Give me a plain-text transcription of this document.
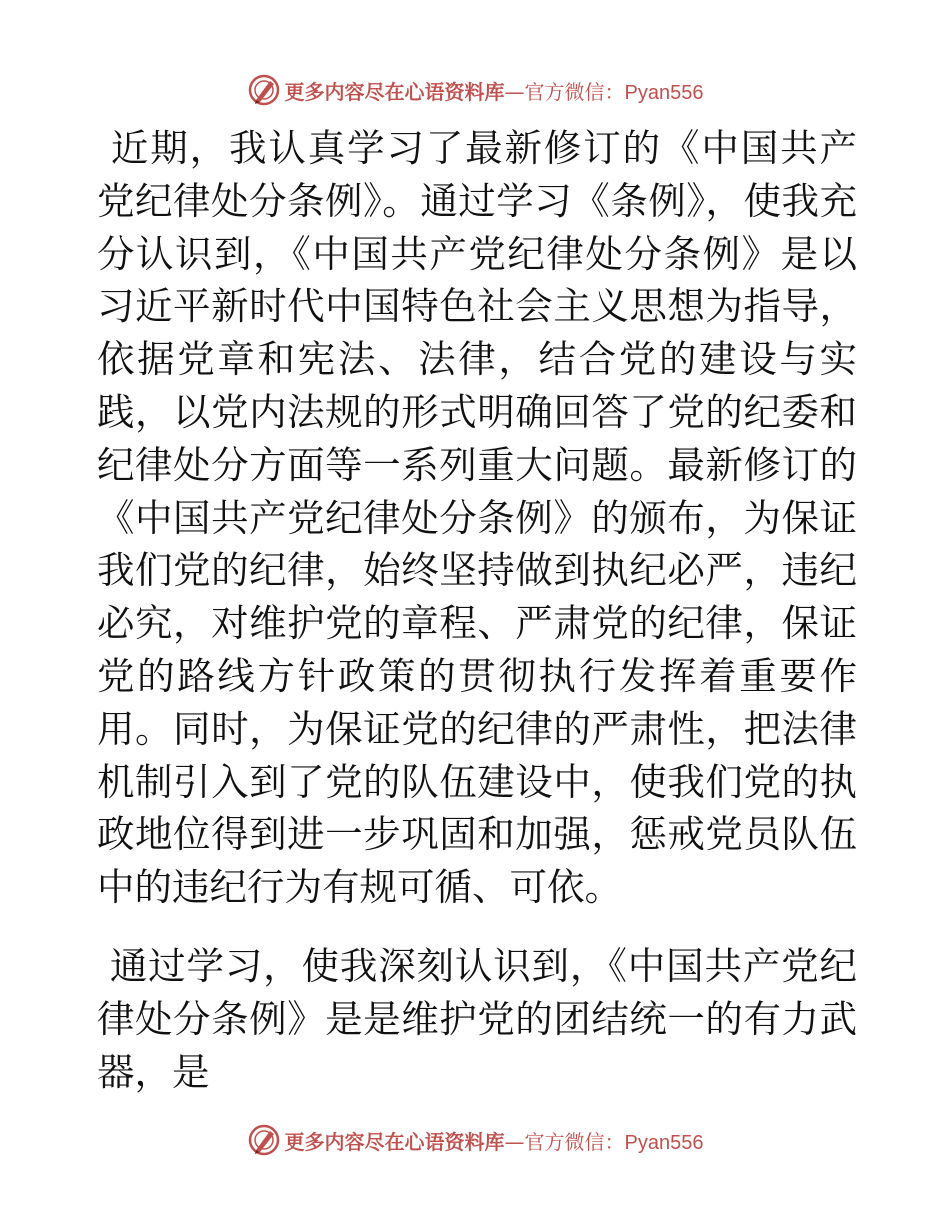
更多内容尽在心语资料库—官方微信：Pyan556

近期，我认真学习了最新修订的《中国共产党纪律处分条例》。通过学习《条例》，使我充分认识到，《中国共产党纪律处分条例》是以习近平新时代中国特色社会主义思想为指导，依据党章和宪法、法律，结合党的建设与实践，以党内法规的形式明确回答了党的纪委和纪律处分方面等一系列重大问题。最新修订的《中国共产党纪律处分条例》的颁布，为保证我们党的纪律，始终坚持做到执纪必严，违纪必究，对维护党的章程、严肃党的纪律，保证党的路线方针政策的贯彻执行发挥着重要作用。同时，为保证党的纪律的严肃性，把法律机制引入到了党的队伍建设中，使我们党的执政地位得到进一步巩固和加强，惩戒党员队伍中的违纪行为有规可循、可依。

通过学习，使我深刻认识到，《中国共产党纪律处分条例》是是维护党的团结统一的有力武器，是

更多内容尽在心语资料库—官方微信：Pyan556
